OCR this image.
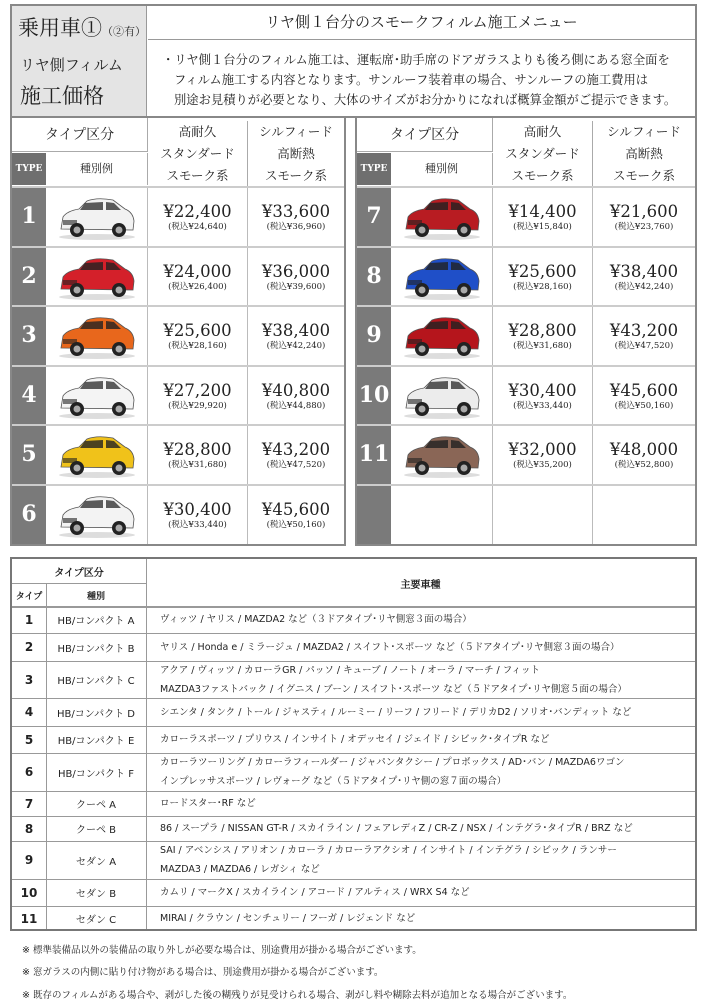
乗用車①（②有）
リヤ側フィルム
施工価格
リヤ側１台分のスモークフィルム施工メニュー
・リヤ側１台分のフィルム施工は、運転席･助手席のドアガラスよりも後ろ側にある窓全面を
フィルム施工する内容となります。サンルーフ装着車の場合、サンルーフの施工費用は
別途お見積りが必要となり、大体のサイズがお分かりになれば概算金額がご提示できます。
タイプ区分
TYPE	種別例
高耐久
スタンダード
スモーク系
シルフィード
高断熱
スモーク系
1	¥22,400
(税込¥24,640)
¥33,600
(税込¥36,960)
2	¥24,000
(税込¥26,400)
¥36,000
(税込¥39,600)
3	¥25,600
(税込¥28,160)
¥38,400
(税込¥42,240)
4	¥27,200
(税込¥29,920)
¥40,800
(税込¥44,880)
5	¥28,800
(税込¥31,680)
¥43,200
(税込¥47,520)
6	¥30,400
(税込¥33,440)
¥45,600
(税込¥50,160)
タイプ区分
TYPE	種別例
高耐久
スタンダード
スモーク系
シルフィード
高断熱
スモーク系
7	¥14,400
(税込¥15,840)
¥21,600
(税込¥23,760)
8	¥25,600
(税込¥28,160)
¥38,400
(税込¥42,240)
9	¥28,800
(税込¥31,680)
¥43,200
(税込¥47,520)
10	¥30,400
(税込¥33,440)
¥45,600
(税込¥50,160)
11	¥32,000
(税込¥35,200)
¥48,000
(税込¥52,800)
タイプ区分
タイプ	種別
主要車種
1	HB/コンパクト A	ヴィッツ / ヤリス / MAZDA2 など（３ドアタイプ･リヤ側窓３面の場合）
2	HB/コンパクト B	ヤリス / Honda e / ミラージュ / MAZDA2 / スイフト･スポーツ など（５ドアタイプ･リヤ側窓３面の場合）
3	HB/コンパクト C
アクア / ヴィッツ / カローラGR / パッソ / キューブ / ノート / オーラ / マーチ / フィット
MAZDA3ファストバック / イグニス / ブーン / スイフト･スポーツ など（５ドアタイプ･リヤ側窓５面の場合）
4	HB/コンパクト D	シエンタ / タンク / トール / ジャスティ / ルーミー / リーフ / フリード / デリカD2 / ソリオ･バンディット など
5	HB/コンパクト E	カローラスポーツ / プリウス / インサイト / オデッセイ / ジェイド / シビック･タイプR など
6	HB/コンパクト F
カローラツーリング / カローラフィールダー / ジャパンタクシー / プロボックス / AD･バン / MAZDA6ワゴン
インプレッサスポーツ / レヴォーグ など（５ドアタイプ･リヤ側の窓７面の場合）
7	クーペ A	ロードスター･RF など
8	クーペ B	86 / スープラ / NISSAN GT-R / スカイライン / フェアレディZ / CR-Z / NSX / インテグラ･タイプR / BRZ など
9	セダン A
SAI / アベンシス / アリオン / カローラ / カローラアクシオ / インサイト / インテグラ / シビック / ランサー
MAZDA3 / MAZDA6 / レガシィ など
10	セダン B	カムリ / マークX / スカイライン / アコード / アルティス / WRX S4 など
11	セダン C	MIRAI / クラウン / センチュリー / フーガ / レジェンド など
※ 標準装備品以外の装備品の取り外しが必要な場合は、別途費用が掛かる場合がございます。
※ 窓ガラスの内側に貼り付け物がある場合は、別途費用が掛かる場合がございます。
※ 既存のフィルムがある場合や、剥がした後の糊残りが見受けられる場合、剥がし料や糊除去料が追加となる場合がございます。
